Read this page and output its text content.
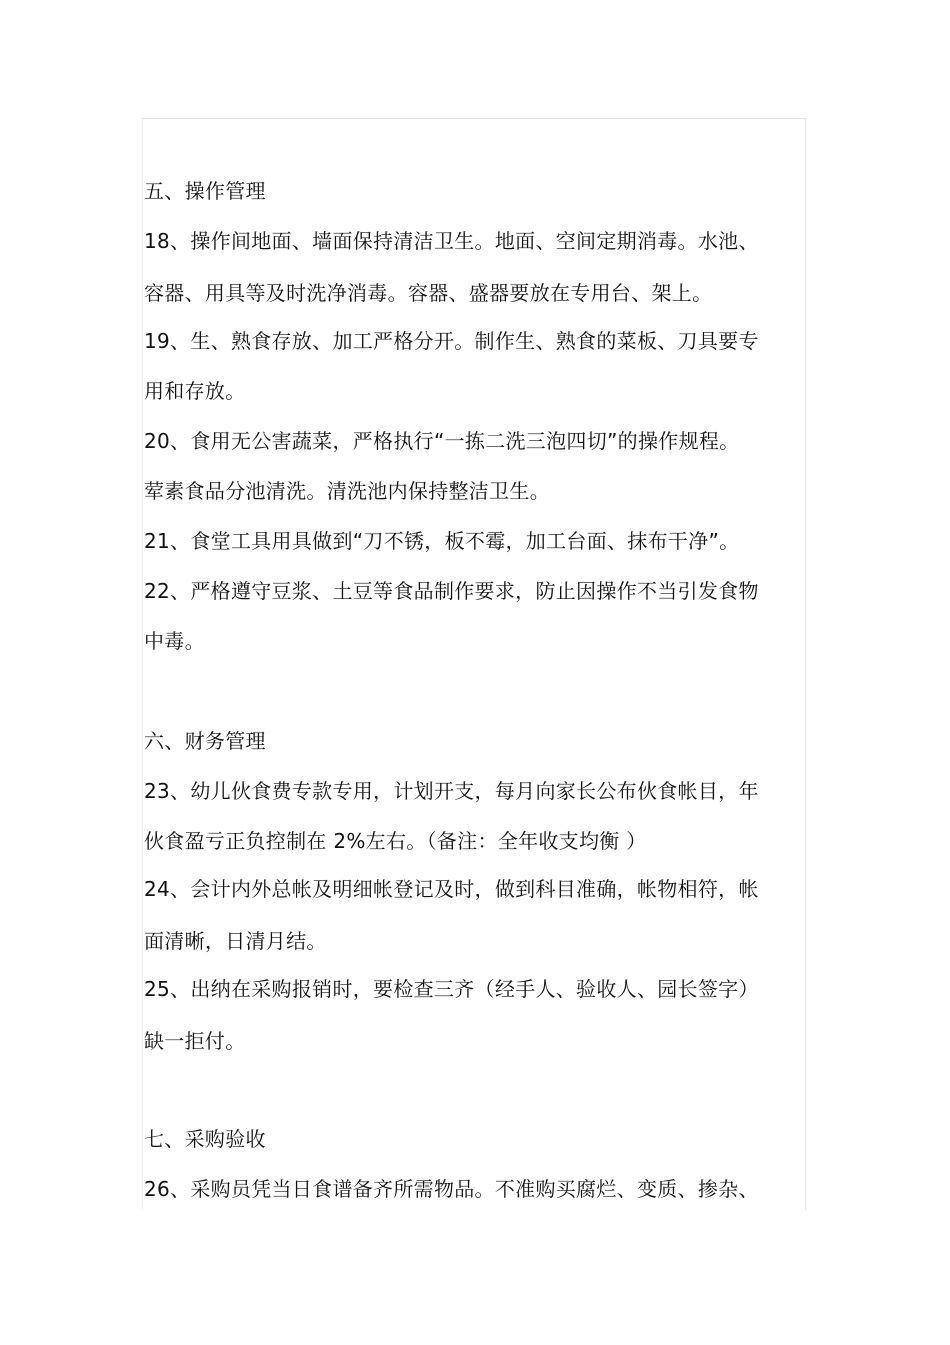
五、操作管理
18、操作间地面、墙面保持清洁卫生。地面、空间定期消毒。水池、
容器、用具等及时洗净消毒。容器、盛器要放在专用台、架上。
19、生、熟食存放、加工严格分开。制作生、熟食的菜板、刀具要专
用和存放。
20、食用无公害蔬菜，严格执行“一拣二洗三泡四切”的操作规程。
荤素食品分池清洗。清洗池内保持整洁卫生。
21、食堂工具用具做到“刀不锈，板不霉，加工台面、抹布干净”。
22、严格遵守豆浆、土豆等食品制作要求，防止因操作不当引发食物
中毒。
六、财务管理
23、幼儿伙食费专款专用，计划开支，每月向家长公布伙食帐目，年
伙食盈亏正负控制在 2%左右。（备注：全年收支均衡 ）
24、会计内外总帐及明细帐登记及时，做到科目准确，帐物相符，帐
面清晰，日清月结。
25、出纳在采购报销时，要检查三齐（经手人、验收人、园长签字）
缺一拒付。
七、采购验收
26、采购员凭当日食谱备齐所需物品。不准购买腐烂、变质、掺杂、
